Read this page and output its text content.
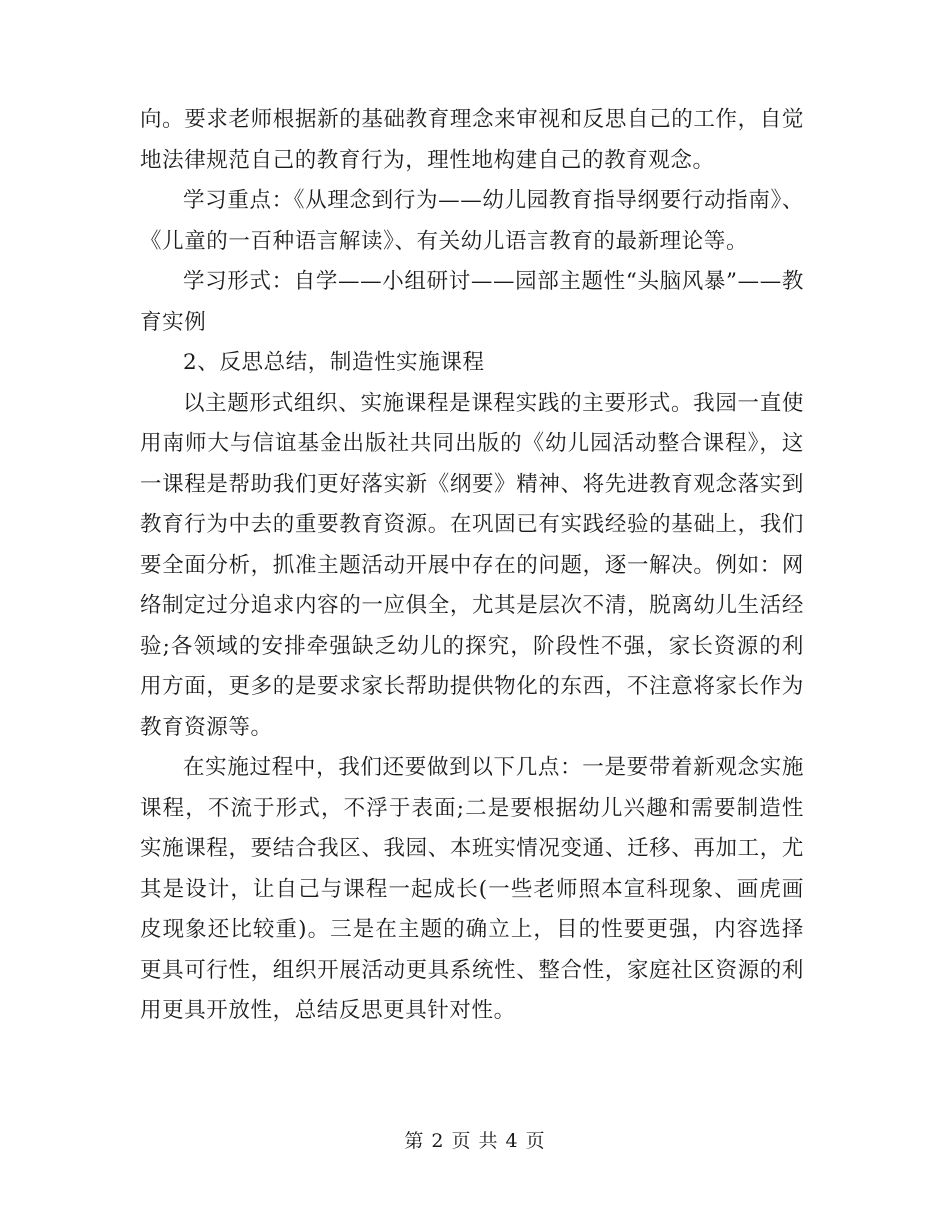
向。要求老师根据新的基础教育理念来审视和反思自己的工作，自觉地法律规范自己的教育行为，理性地构建自己的教育观念。

学习重点：《从理念到行为——幼儿园教育指导纲要行动指南》、《儿童的一百种语言解读》、有关幼儿语言教育的最新理论等。

学习形式：自学——小组研讨——园部主题性“头脑风暴”——教育实例

2、反思总结，制造性实施课程

以主题形式组织、实施课程是课程实践的主要形式。我园一直使用南师大与信谊基金出版社共同出版的《幼儿园活动整合课程》，这一课程是帮助我们更好落实新《纲要》精神、将先进教育观念落实到教育行为中去的重要教育资源。在巩固已有实践经验的基础上，我们要全面分析，抓准主题活动开展中存在的问题，逐一解决。例如：网络制定过分追求内容的一应俱全，尤其是层次不清，脱离幼儿生活经验;各领域的安排牵强缺乏幼儿的探究，阶段性不强，家长资源的利用方面，更多的是要求家长帮助提供物化的东西，不注意将家长作为教育资源等。

在实施过程中，我们还要做到以下几点：一是要带着新观念实施课程，不流于形式，不浮于表面;二是要根据幼儿兴趣和需要制造性实施课程，要结合我区、我园、本班实情况变通、迁移、再加工，尤其是设计，让自己与课程一起成长(一些老师照本宣科现象、画虎画皮现象还比较重)。三是在主题的确立上，目的性要更强，内容选择更具可行性，组织开展活动更具系统性、整合性，家庭社区资源的利用更具开放性，总结反思更具针对性。

第 2 页 共 4 页
